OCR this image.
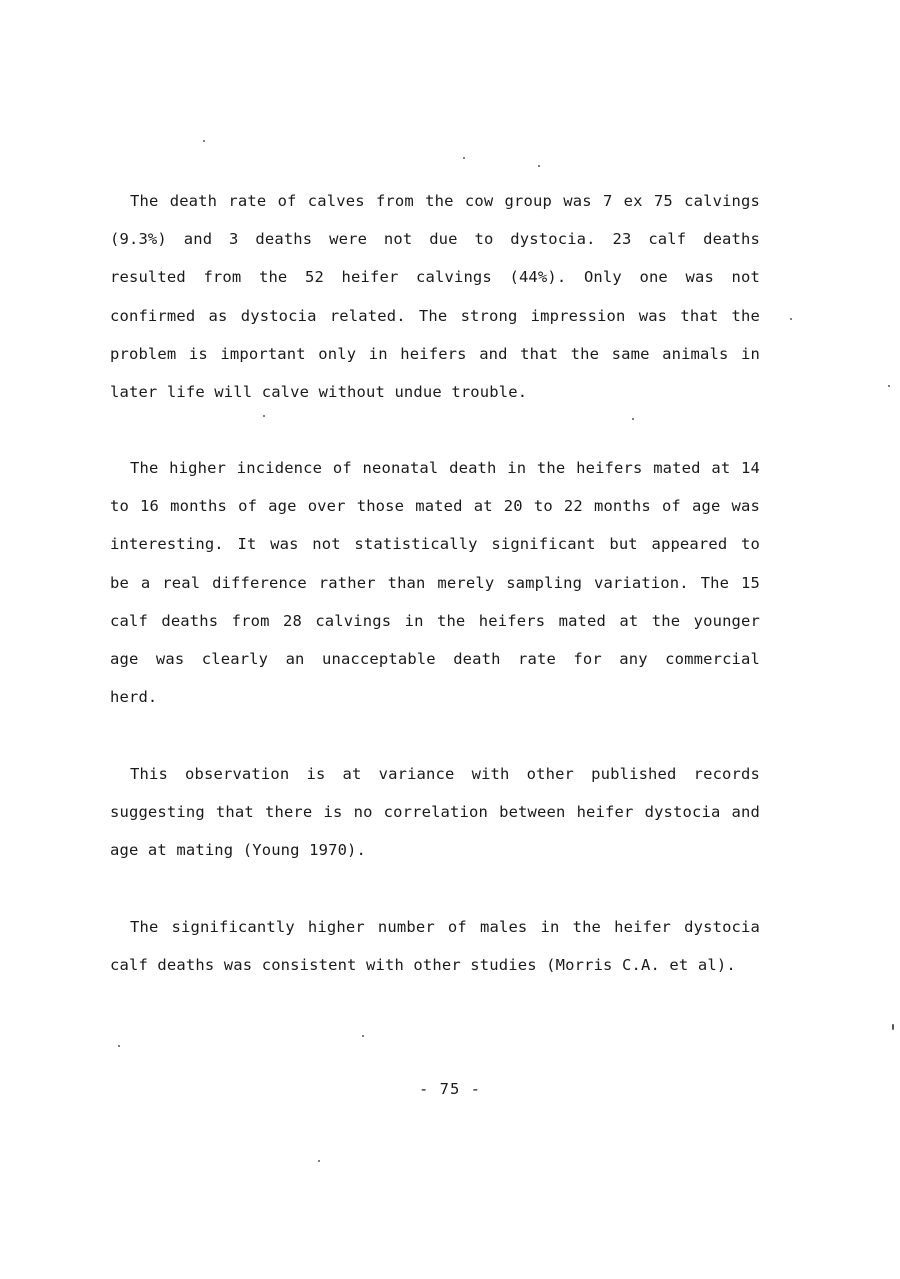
The death rate of calves from the cow group was 7 ex 75 calvings
(9.3%) and 3 deaths were not due to dystocia. 23 calf deaths
resulted from the 52 heifer calvings (44%). Only one was not
confirmed as dystocia related. The strong impression was that the
problem is important only in heifers and that the same animals in
later life will calve without undue trouble.

The higher incidence of neonatal death in the heifers mated at 14
to 16 months of age over those mated at 20 to 22 months of age was
interesting. It was not statistically significant but appeared to
be a real difference rather than merely sampling variation. The 15
calf deaths from 28 calvings in the heifers mated at the younger
age was clearly an unacceptable death rate for any commercial
herd.

This observation is at variance with other published records
suggesting that there is no correlation between heifer dystocia and
age at mating (Young 1970).

The significantly higher number of males in the heifer dystocia
calf deaths was consistent with other studies (Morris C.A. et al).

- 75 -
